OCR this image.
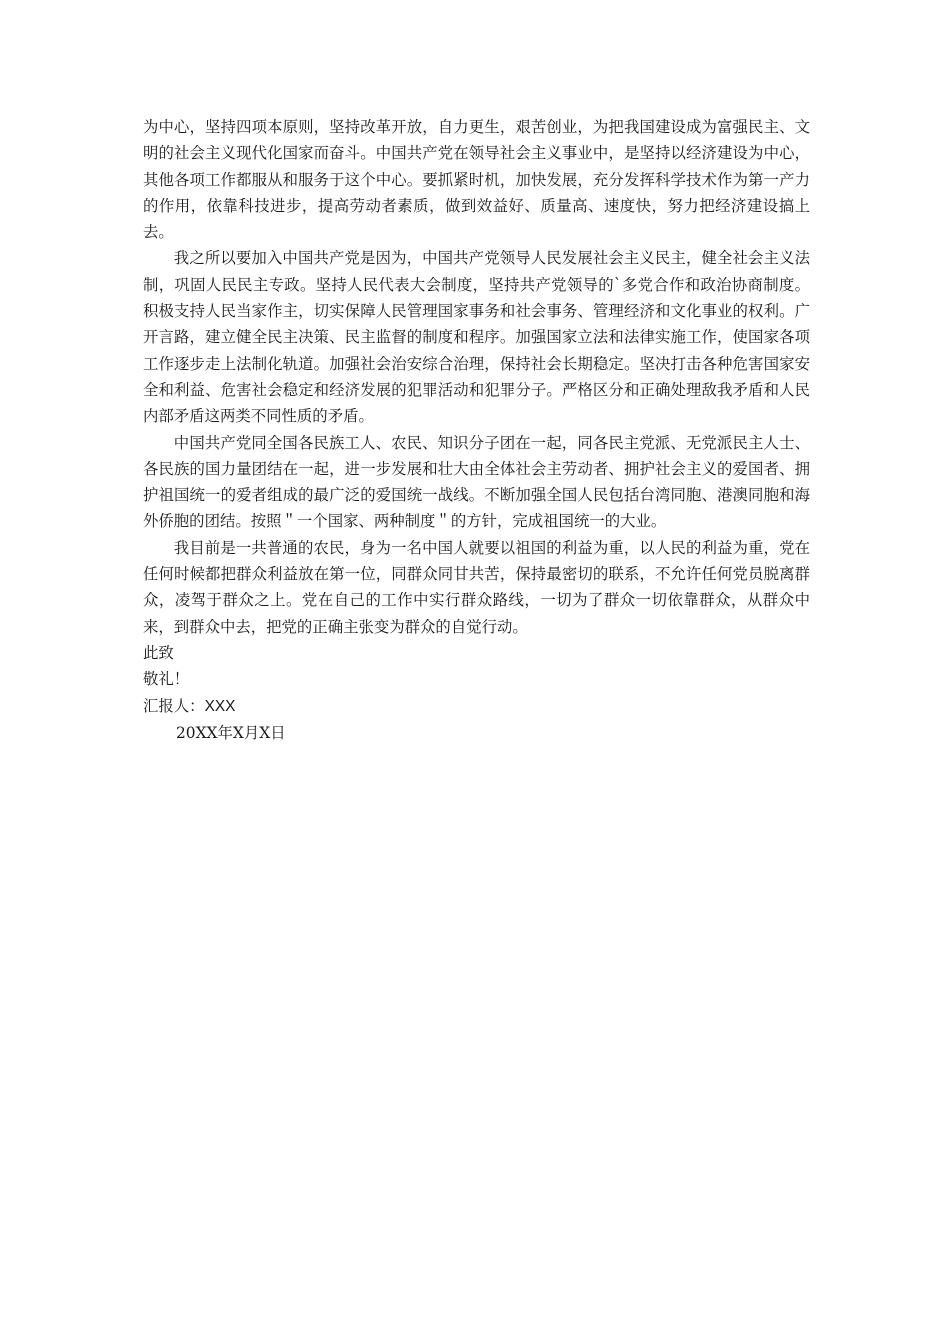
为中心，坚持四项本原则，坚持改革开放，自力更生，艰苦创业，为把我国建设成为富强民主、文明的社会主义现代化国家而奋斗。中国共产党在领导社会主义事业中，是坚持以经济建设为中心，其他各项工作都服从和服务于这个中心。要抓紧时机，加快发展，充分发挥科学技术作为第一产力的作用，依靠科技进步，提高劳动者素质，做到效益好、质量高、速度快，努力把经济建设搞上去。

我之所以要加入中国共产党是因为，中国共产党领导人民发展社会主义民主，健全社会主义法制，巩固人民民主专政。坚持人民代表大会制度，坚持共产党领导的`多党合作和政治协商制度。积极支持人民当家作主，切实保障人民管理国家事务和社会事务、管理经济和文化事业的权利。广开言路，建立健全民主决策、民主监督的制度和程序。加强国家立法和法律实施工作，使国家各项工作逐步走上法制化轨道。加强社会治安综合治理，保持社会长期稳定。坚决打击各种危害国家安全和利益、危害社会稳定和经济发展的犯罪活动和犯罪分子。严格区分和正确处理敌我矛盾和人民内部矛盾这两类不同性质的矛盾。

中国共产党同全国各民族工人、农民、知识分子团在一起，同各民主党派、无党派民主人士、各民族的国力量团结在一起，进一步发展和壮大由全体社会主劳动者、拥护社会主义的爱国者、拥护祖国统一的爱者组成的最广泛的爱国统一战线。不断加强全国人民包括台湾同胞、港澳同胞和海外侨胞的团结。按照＂一个国家、两种制度＂的方针，完成祖国统一的大业。

我目前是一共普通的农民，身为一名中国人就要以祖国的利益为重，以人民的利益为重，党在任何时候都把群众利益放在第一位，同群众同甘共苦，保持最密切的联系，不允许任何党员脱离群众，凌驾于群众之上。党在自己的工作中实行群众路线，一切为了群众一切依靠群众，从群众中来，到群众中去，把党的正确主张变为群众的自觉行动。

此致

敬礼！

汇报人：XXX

20XX年X月X日
